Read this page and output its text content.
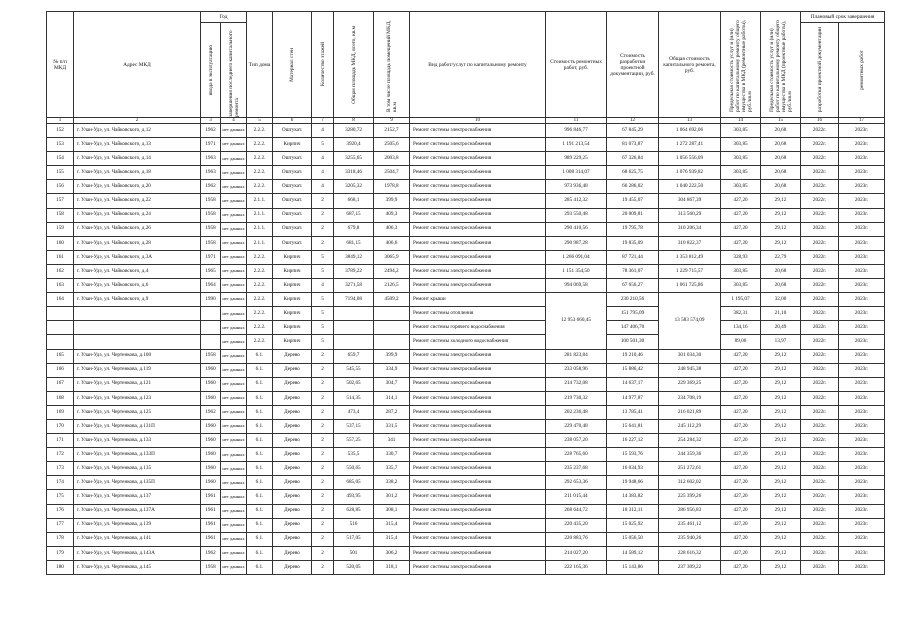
№ п/п МКД	Адрес МКД	Год		Тип дома	Материал стен	Количество этажей	Общая площадь МКД, всего, кв.м	В том числе площадь помещений МКД, кв.м	Вид работ/услуг по капитальному ремонту	Стоимость ремонтных работ, руб.	Стоимость разработки проектной документации, руб.	Общая стоимость капитального ремонта, руб.	Предельная стоимость услуг и (или) работ по капитальному ремонту общего имущества в МКД (ремонтные работы), руб./кв.м	Предельная стоимость услуг и (или) работ по капитальному ремонту общего имущества в МКД (проектные работы), руб./кв.м	Плановый срок завершения	

		ввода в эксплуатацию	завершения последнего капитального ремонта												разработки проектной документации	ремонтных работ

1	2	3	4	5	6	7	8	9	10	11	12	13	14	15	16	17
152	г. Улан-Удэ, ул. Чайковского, д.12	1962	нет данных	2.2.2.	Оштукат.	4	3280,72	2152,7	Ремонт системы электроснабжения	996 846,77	67 845,29	1 064 692,06	303,85	20,68	2022г.	2023г.
153	г. Улан-Удэ, ул. Чайковского, д.13	1971	нет данных	2.2.2.	Кирпич	5	3920,4	2505,6	Ремонт системы электроснабжения	1 191 213,54	81 073,87	1 272 287,41	303,85	20,68	2022г.	2023г.
154	г. Улан-Удэ, ул. Чайковского, д.14	1963	нет данных	2.2.2.	Оштукат.	4	3255,65	2003,8	Ремонт системы электроснабжения	989 229,25	67 326,84	1 056 556,09	303,85	20,68	2022г.	2023г.
155	г. Улан-Удэ, ул. Чайковского, д.18	1963	нет данных	2.2.2.	Оштукат.	4	3318,46	2504,7	Ремонт системы электроснабжения	1 008 314,07	68 625,75	1 076 939,82	303,85	20,68	2022г.	2023г.
156	г. Улан-Удэ, ул. Чайковского, д.20	1962	нет данных	2.2.2.	Оштукат.	4	3205,32	1978,8	Ремонт системы электроснабжения	973 936,48	66 286,02	1 040 222,50	303,85	20,68	2022г.	2023г.
157	г. Улан-Удэ, ул. Чайковского, д.22	1958	нет данных	2.1.1.	Оштукат.	2	668,1	399,9	Ремонт системы электроснабжения	285 412,32	19 455,07	304 867,39	427,20	29,12	2022г.	2023г.
158	г. Улан-Удэ, ул. Чайковского, д.24	1958	нет данных	2.1.1.	Оштукат.	2	687,15	409,3	Ремонт системы электроснабжения	293 550,48	20 009,81	313 560,29	427,20	29,12	2022г.	2023г.
159	г. Улан-Удэ, ул. Чайковского, д.26	1958	нет данных	2.1.1.	Оштукат.	2	679,8	406,3	Ремонт системы электроснабжения	290 410,56	19 795,78	310 206,34	427,20	29,12	2022г.	2023г.
160	г. Улан-Удэ, ул. Чайковского, д.28	1958	нет данных	2.1.1.	Оштукат.	2	681,15	406,6	Ремонт системы электроснабжения	290 987,28	19 835,09	310 822,37	427,20	29,12	2022г.	2023г.
161	г. Улан-Удэ, ул. Чайковского, д.3А	1971	нет данных	2.2.2.	Кирпич	5	3849,12	3065,9	Ремонт системы электроснабжения	1 266 091,04	87 721,44	1 353 812,49	328,93	22,79	2022г.	2023г.
162	г. Улан-Удэ, ул. Чайковского, д.4	1965	нет данных	2.2.2.	Кирпич	5	3789,22	2494,2	Ремонт системы электроснабжения	1 151 354,50	78 361,07	1 229 715,57	303,85	20,68	2022г.	2023г.
163	г. Улан-Удэ, ул. Чайковского, д.6	1964	нет данных	2.2.2.	Кирпич	4	3271,58	2126,5	Ремонт системы электроснабжения	994 069,58	67 656,27	1 061 725,86	303,85	20,68	2022г.	2023г.
164	г. Улан-Удэ, ул. Чайковского, д.9	1990	нет данных	2.2.2.	Кирпич	5	7194,08	4509,2	Ремонт крыши	12 953 660,45	230 210,56	13 583 574,09	1 195,07	32,00	2022г.	2023г.
			нет данных	2.2.2.	Кирпич	5			Ремонт системы отопления		151 795,09		382,31	21,10	2022г.	2023г.
			нет данных	2.2.2.	Кирпич	5			Ремонт системы горячего водоснабжения		147 406,70		134,16	20,49	2022г.	2023г.
			нет данных	2.2.2.	Кирпич	5			Ремонт системы холодного водоснабжения		100 501,30		89,06	13,97	2022г.	2023г.
165	г. Улан-Удэ, ул. Чертенкова, д.100	1958	нет данных	6.1.	Дерево	2	659,7	399,9	Ремонт системы электроснабжения	281 823,84	19 210,46	301 034,30	427,20	29,12	2022г.	2023г.
166	г. Улан-Удэ, ул. Чертенкова, д.119	1960	нет данных	6.1.	Дерево	2	545,55	334,9	Ремонт системы электроснабжения	233 058,96	15 886,42	248 945,38	427,20	29,12	2022г.	2023г.
167	г. Улан-Удэ, ул. Чертенкова, д.121	1960	нет данных	6.1.	Дерево	2	502,65	304,7	Ремонт системы электроснабжения	214 732,08	14 637,17	229 369,25	427,20	29,12	2022г.	2023г.
168	г. Улан-Удэ, ул. Чертенкова, д.123	1960	нет данных	6.1.	Дерево	2	514,35	314,1	Ремонт системы электроснабжения	219 730,32	14 977,87	234 708,19	427,20	29,12	2022г.	2023г.
169	г. Улан-Удэ, ул. Чертенкова, д.125	1962	нет данных	6.1.	Дерево	2	473,4	287,2	Ремонт системы электроснабжения	202 236,48	13 785,41	216 021,89	427,20	29,12	2022г.	2023г.
170	г. Улан-Удэ, ул. Чертенкова, д.131П	1960	нет данных	6.1.	Дерево	2	537,15	331,5	Ремонт системы электроснабжения	229 470,48	15 641,81	245 112,29	427,20	29,12	2022г.	2023г.
171	г. Улан-Удэ, ул. Чертенкова, д.133	1960	нет данных	6.1.	Дерево	2	557,25	341	Ремонт системы электроснабжения	238 057,20	16 227,12	254 284,32	427,20	29,12	2022г.	2023г.
172	г. Улан-Удэ, ул. Чертенкова, д.133П	1960	нет данных	6.1.	Дерево	2	535,5	330,7	Ремонт системы электроснабжения	228 765,60	15 593,76	244 359,36	427,20	29,12	2022г.	2023г.
173	г. Улан-Удэ, ул. Чертенкова, д.135	1960	нет данных	6.1.	Дерево	2	550,65	335,7	Ремонт системы электроснабжения	235 237,68	16 034,93	251 272,61	427,20	29,12	2022г.	2023г.
174	г. Улан-Удэ, ул. Чертенкова, д.135П	1960	нет данных	6.1.	Дерево	2	685,05	338,2	Ремонт системы электроснабжения	292 653,36	19 948,66	312 602,02	427,20	29,12	2022г.	2023г.
175	г. Улан-Удэ, ул. Чертенкова, д.137	1961	нет данных	6.1.	Дерево	2	493,95	301,2	Ремонт системы электроснабжения	211 015,44	14 383,82	225 399,26	427,20	29,12	2022г.	2023г.
176	г. Улан-Удэ, ул. Чертенкова, д.137А	1961	нет данных	6.1.	Дерево	2	628,85	308,1	Ремонт системы электроснабжения	268 644,72	18 312,11	286 956,83	427,20	29,12	2022г.	2023г.
177	г. Улан-Удэ, ул. Чертенкова, д.139	1961	нет данных	6.1.	Дерево	2	516	315,4	Ремонт системы электроснабжения	220 435,20	15 025,92	235 461,12	427,20	29,12	2022г.	2023г.
178	г. Улан-Удэ, ул. Чертенкова, д.141	1961	нет данных	6.1.	Дерево	2	517,05	315,4	Ремонт системы электроснабжения	220 883,76	15 056,50	235 940,26	427,20	29,12	2022г.	2023г.
179	г. Улан-Удэ, ул. Чертенкова, д.143А	1962	нет данных	6.1.	Дерево	2	501	306,2	Ремонт системы электроснабжения	214 027,20	14 589,12	228 616,32	427,20	29,12	2022г.	2023г.
180	г. Улан-Удэ, ул. Чертенкова, д.145	1958	нет данных	6.1.	Дерево	2	520,05	318,1	Ремонт системы электроснабжения	222 165,36	15 143,86	237 309,22	427,20	29,12	2022г.	2023г.
